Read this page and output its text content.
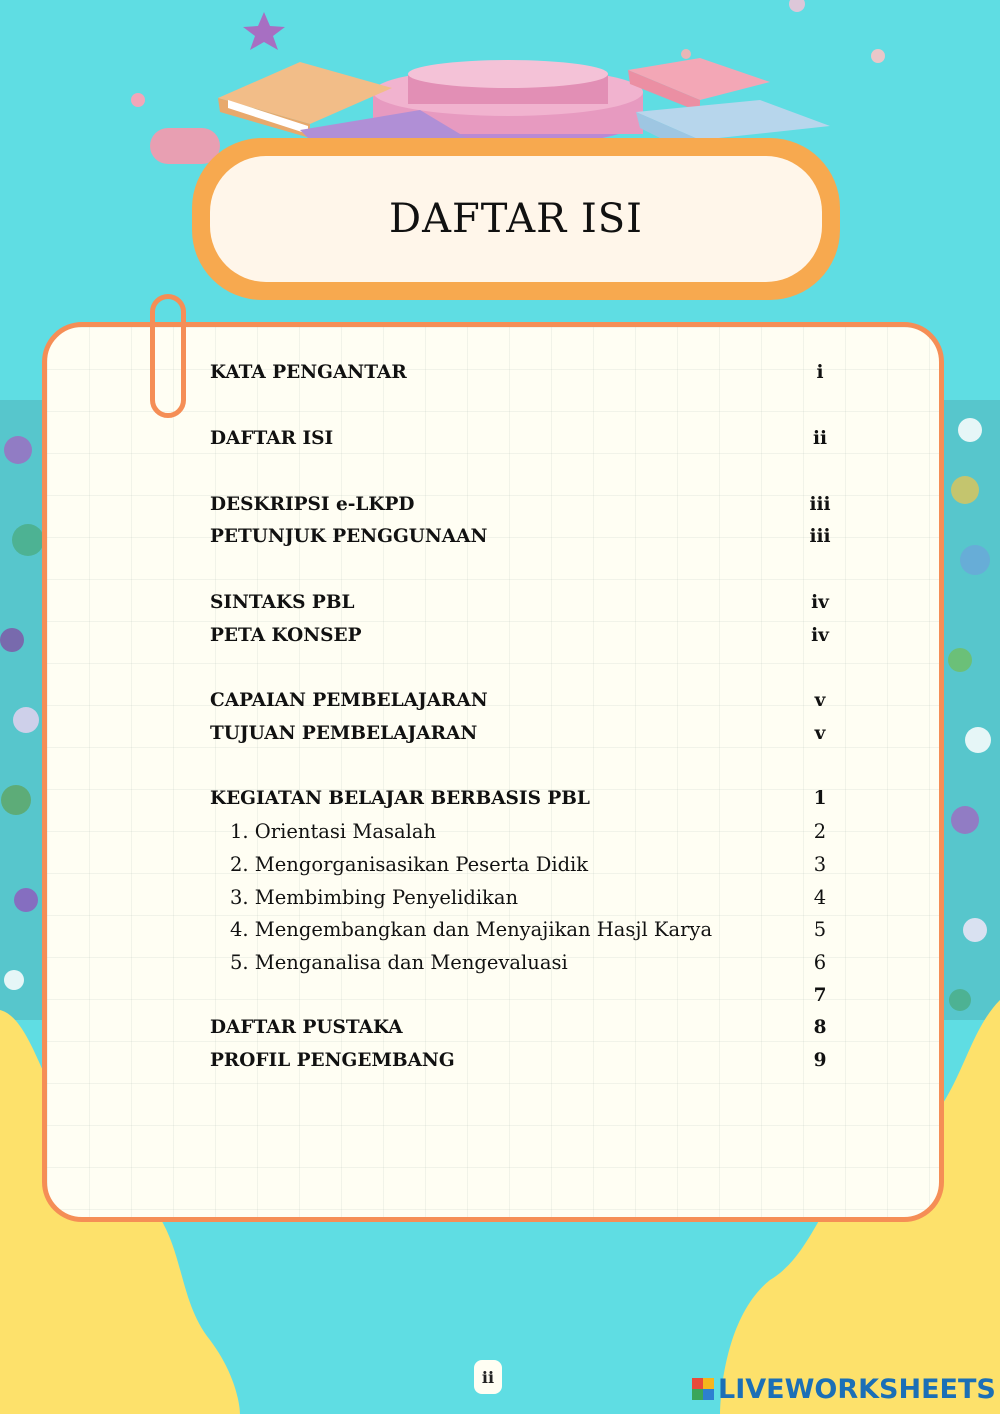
DAFTAR ISI
KATA PENGANTAR	i
DAFTAR ISI	ii
DESKRIPSI e-LKPD	iii
PETUNJUK PENGGUNAAN	iii
SINTAKS PBL	iv
PETA KONSEP	iv
CAPAIAN PEMBELAJARAN	v
TUJUAN PEMBELAJARAN	v
KEGIATAN BELAJAR BERBASIS PBL	1
1. Orientasi Masalah	2
2. Mengorganisasikan Peserta Didik	3
3. Membimbing Penyelidikan	4
4. Mengembangkan dan Menyajikan Hasjl Karya	5
5. Menganalisa dan Mengevaluasi	6
7
DAFTAR PUSTAKA	8
PROFIL PENGEMBANG	9
ii	LIVEWORKSHEETS
